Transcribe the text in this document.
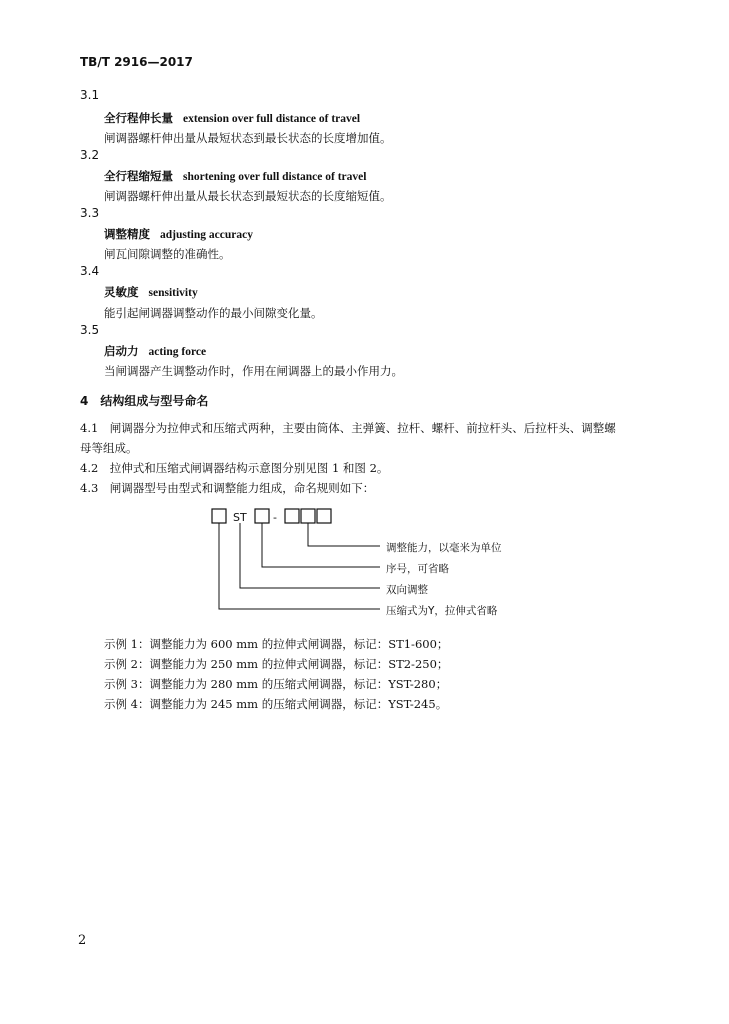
TB/T 2916—2017
3.1
全行程伸长量 extension over full distance of travel
闸调器螺杆伸出量从最短状态到最长状态的长度增加值。
3.2
全行程缩短量 shortening over full distance of travel
闸调器螺杆伸出量从最长状态到最短状态的长度缩短值。
3.3
调整精度 adjusting accuracy
闸瓦间隙调整的准确性。
3.4
灵敏度 sensitivity
能引起闸调器调整动作的最小间隙变化量。
3.5
启动力 acting force
当闸调器产生调整动作时，作用在闸调器上的最小作用力。
4　结构组成与型号命名
4.1　闸调器分为拉伸式和压缩式两种，主要由筒体、主弹簧、拉杆、螺杆、前拉杆头、后拉杆头、调整螺
母等组成。
4.2　拉伸式和压缩式闸调器结构示意图分别见图 1 和图 2。
4.3　闸调器型号由型式和调整能力组成，命名规则如下：
ST -
调整能力，以毫米为单位
序号，可省略
双向调整
压缩式为Y，拉伸式省略
示例 1：调整能力为 600 mm 的拉伸式闸调器，标记：ST1-600；
示例 2：调整能力为 250 mm 的拉伸式闸调器，标记：ST2-250；
示例 3：调整能力为 280 mm 的压缩式闸调器，标记：YST-280；
示例 4：调整能力为 245 mm 的压缩式闸调器，标记：YST-245。
2
